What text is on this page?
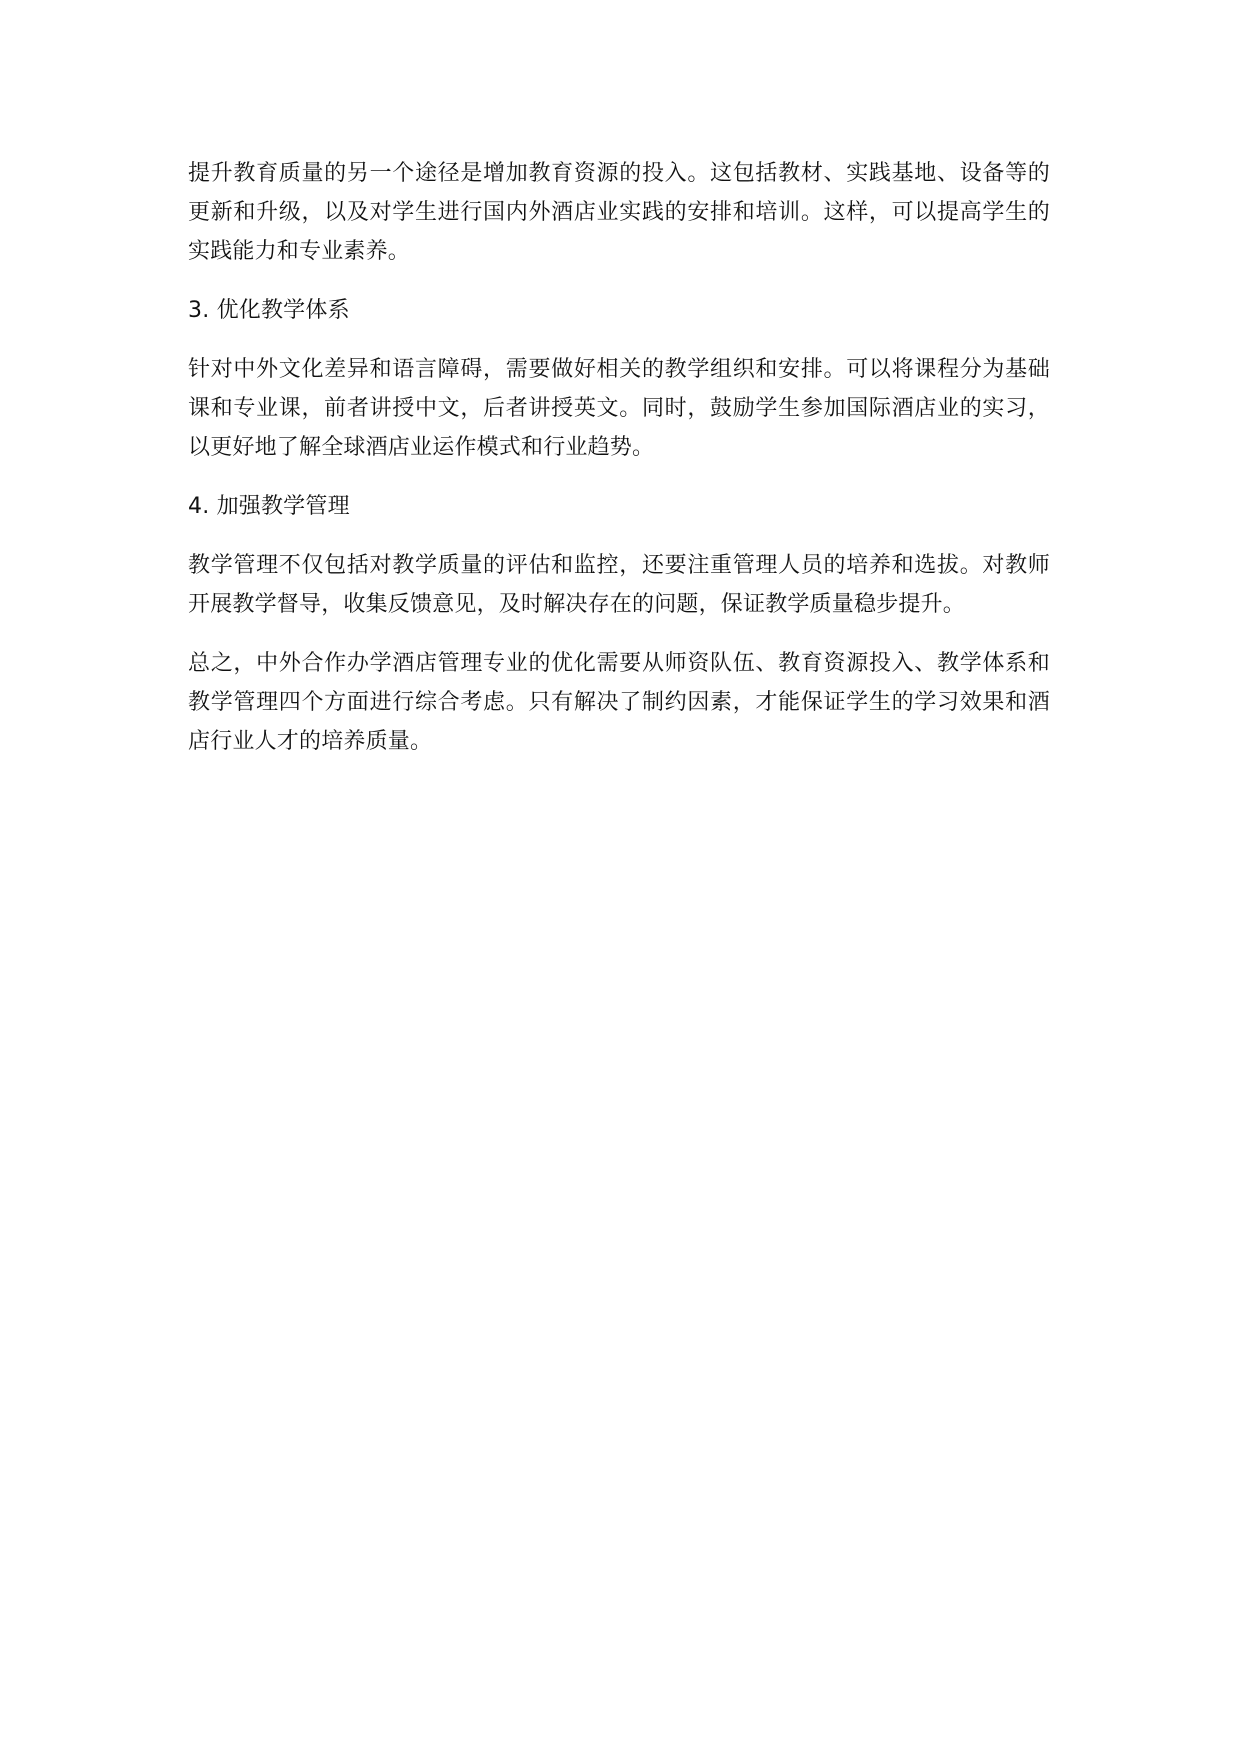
提升教育质量的另一个途径是增加教育资源的投入。这包括教材、实践基地、设备等的更新和升级，以及对学生进行国内外酒店业实践的安排和培训。这样，可以提高学生的实践能力和专业素养。

3. 优化教学体系

针对中外文化差异和语言障碍，需要做好相关的教学组织和安排。可以将课程分为基础课和专业课，前者讲授中文，后者讲授英文。同时，鼓励学生参加国际酒店业的实习，以更好地了解全球酒店业运作模式和行业趋势。

4. 加强教学管理

教学管理不仅包括对教学质量的评估和监控，还要注重管理人员的培养和选拔。对教师开展教学督导，收集反馈意见，及时解决存在的问题，保证教学质量稳步提升。

总之，中外合作办学酒店管理专业的优化需要从师资队伍、教育资源投入、教学体系和教学管理四个方面进行综合考虑。只有解决了制约因素，才能保证学生的学习效果和酒店行业人才的培养质量。
